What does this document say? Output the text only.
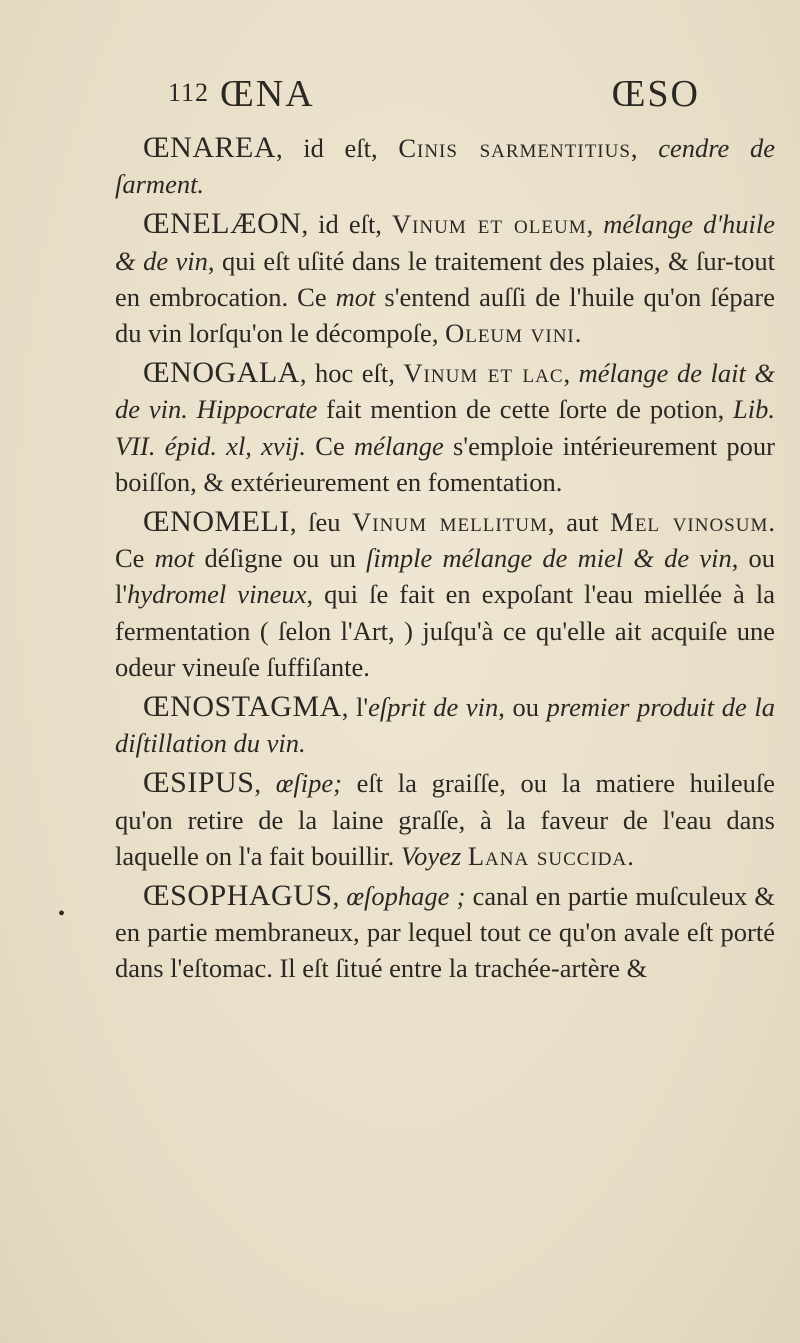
112 ŒNA	ŒSO

ŒNAREA, id eſt, Cinis sarmentitius, cendre de ſarment.

ŒNELÆON, id eſt, Vinum et oleum, mélange d'huile & de vin, qui eſt uſité dans le traitement des plaies, & ſur-tout en embrocation. Ce mot s'entend auſſi de l'huile qu'on ſépare du vin lorſqu'on le décompoſe, Oleum vini.

ŒNOGALA, hoc eſt, Vinum et lac, mélange de lait & de vin. Hippocrate fait mention de cette ſorte de potion, Lib. VII. épid. xl, xvij. Ce mélange s'emploie intérieurement pour boiſſon, & extérieurement en fomentation.

ŒNOMELI, ſeu Vinum mellitum, aut Mel vinosum. Ce mot déſigne ou un ſimple mélange de miel & de vin, ou l'hydromel vineux, qui ſe fait en expoſant l'eau miellée à la fermentation ( ſelon l'Art, ) juſqu'à ce qu'elle ait acquiſe une odeur vineuſe ſuffiſante.

ŒNOSTAGMA, l'eſprit de vin, ou premier produit de la diſtillation du vin.

ŒSIPUS, œſipe; eſt la graiſſe, ou la matiere huileuſe qu'on retire de la laine graſſe, à la faveur de l'eau dans laquelle on l'a fait bouillir. Voyez Lana succida.

ŒSOPHAGUS, œſophage ; canal en partie muſculeux & en partie membraneux, par lequel tout ce qu'on avale eſt porté dans l'eſtomac. Il eſt ſitué entre la trachée-artère &

•
